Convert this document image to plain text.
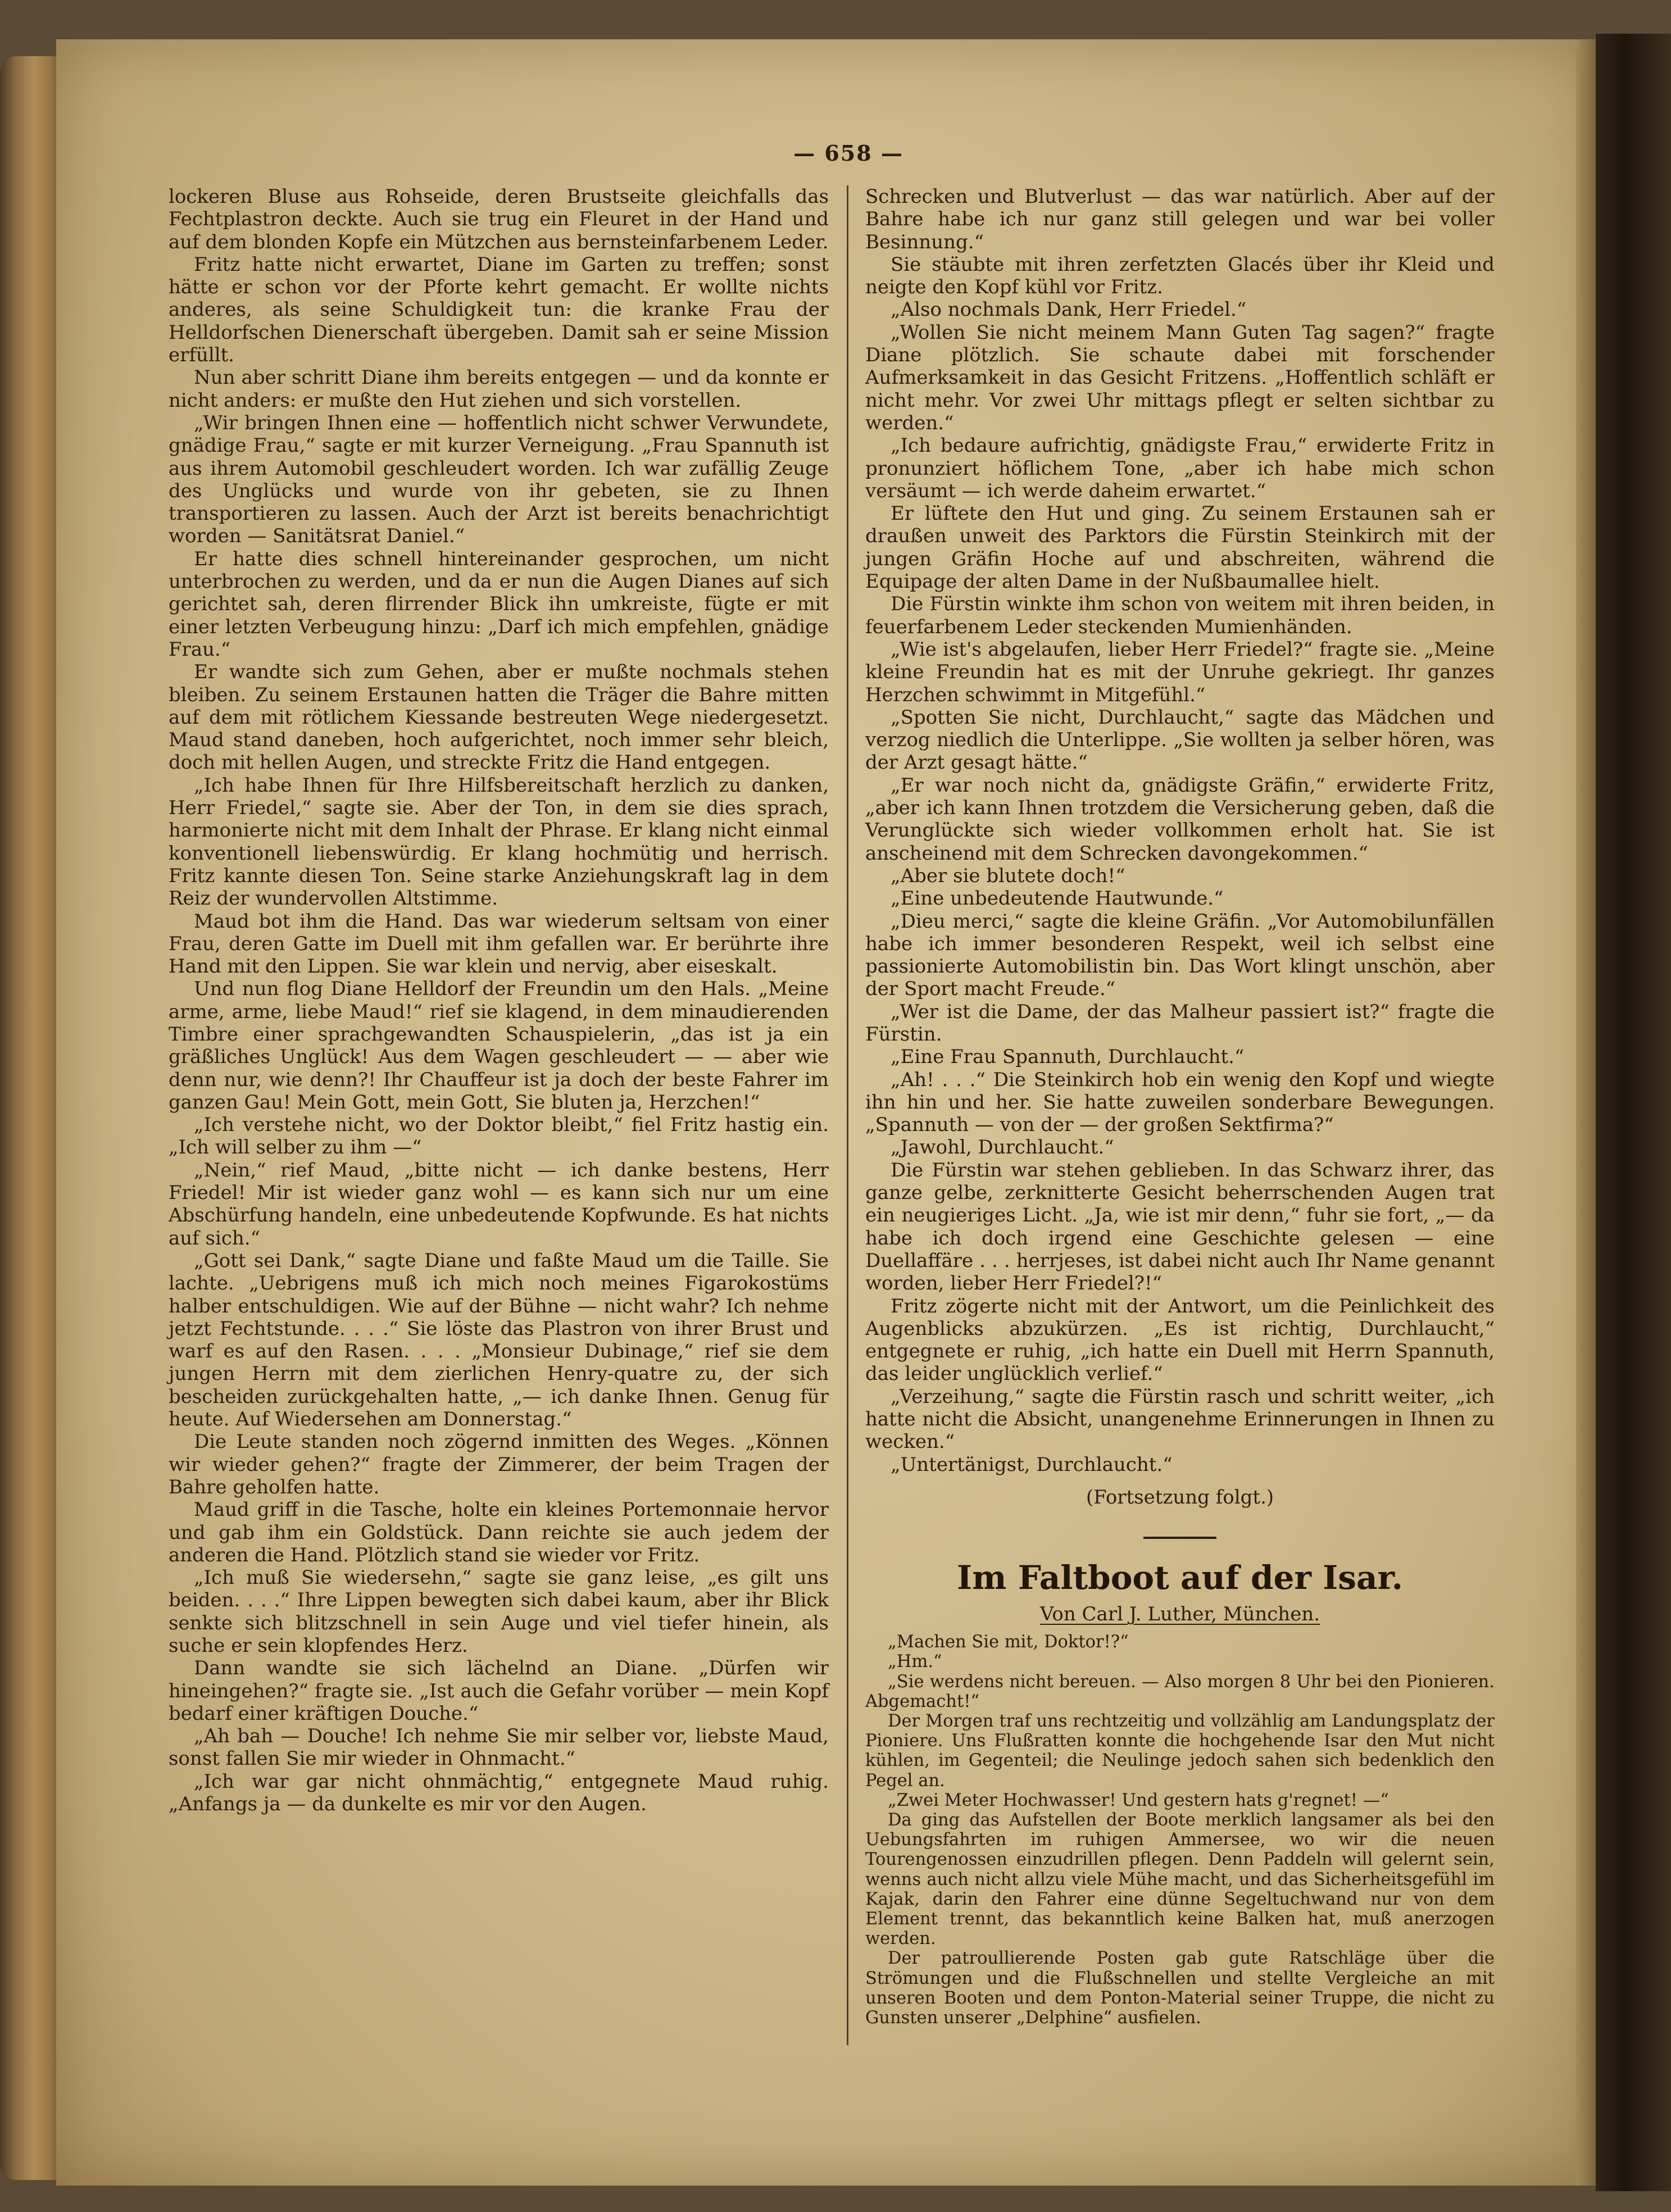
— 658 —

lockeren Bluse aus Rohseide, deren Brustseite gleichfalls das Fechtplastron deckte. Auch sie trug ein Fleuret in der Hand und auf dem blonden Kopfe ein Mützchen aus bernsteinfarbenem Leder.

Fritz hatte nicht erwartet, Diane im Garten zu treffen; sonst hätte er schon vor der Pforte kehrt gemacht. Er wollte nichts anderes, als seine Schuldigkeit tun: die kranke Frau der Helldorfschen Dienerschaft übergeben. Damit sah er seine Mission erfüllt.

Nun aber schritt Diane ihm bereits entgegen — und da konnte er nicht anders: er mußte den Hut ziehen und sich vorstellen.

„Wir bringen Ihnen eine — hoffentlich nicht schwer Verwundete, gnädige Frau,“ sagte er mit kurzer Verneigung. „Frau Spannuth ist aus ihrem Automobil geschleudert worden. Ich war zufällig Zeuge des Unglücks und wurde von ihr gebeten, sie zu Ihnen transportieren zu lassen. Auch der Arzt ist bereits benachrichtigt worden — Sanitätsrat Daniel.“

Er hatte dies schnell hintereinander gesprochen, um nicht unterbrochen zu werden, und da er nun die Augen Dianes auf sich gerichtet sah, deren flirrender Blick ihn umkreiste, fügte er mit einer letzten Verbeugung hinzu: „Darf ich mich empfehlen, gnädige Frau.“

Er wandte sich zum Gehen, aber er mußte nochmals stehen bleiben. Zu seinem Erstaunen hatten die Träger die Bahre mitten auf dem mit rötlichem Kiessande bestreuten Wege niedergesetzt. Maud stand daneben, hoch aufgerichtet, noch immer sehr bleich, doch mit hellen Augen, und streckte Fritz die Hand entgegen.

„Ich habe Ihnen für Ihre Hilfsbereitschaft herzlich zu danken, Herr Friedel,“ sagte sie. Aber der Ton, in dem sie dies sprach, harmonierte nicht mit dem Inhalt der Phrase. Er klang nicht einmal konventionell liebenswürdig. Er klang hochmütig und herrisch. Fritz kannte diesen Ton. Seine starke Anziehungskraft lag in dem Reiz der wundervollen Altstimme.

Maud bot ihm die Hand. Das war wiederum seltsam von einer Frau, deren Gatte im Duell mit ihm gefallen war. Er berührte ihre Hand mit den Lippen. Sie war klein und nervig, aber eiseskalt.

Und nun flog Diane Helldorf der Freundin um den Hals. „Meine arme, arme, liebe Maud!“ rief sie klagend, in dem minaudierenden Timbre einer sprachgewandten Schauspielerin, „das ist ja ein gräßliches Unglück! Aus dem Wagen geschleudert — — aber wie denn nur, wie denn?! Ihr Chauffeur ist ja doch der beste Fahrer im ganzen Gau! Mein Gott, mein Gott, Sie bluten ja, Herzchen!“

„Ich verstehe nicht, wo der Doktor bleibt,“ fiel Fritz hastig ein. „Ich will selber zu ihm —“

„Nein,“ rief Maud, „bitte nicht — ich danke bestens, Herr Friedel! Mir ist wieder ganz wohl — es kann sich nur um eine Abschürfung handeln, eine unbedeutende Kopfwunde. Es hat nichts auf sich.“

„Gott sei Dank,“ sagte Diane und faßte Maud um die Taille. Sie lachte. „Uebrigens muß ich mich noch meines Figarokostüms halber entschuldigen. Wie auf der Bühne — nicht wahr? Ich nehme jetzt Fechtstunde. . . .“ Sie löste das Plastron von ihrer Brust und warf es auf den Rasen. . . . „Monsieur Dubinage,“ rief sie dem jungen Herrn mit dem zierlichen Henry-quatre zu, der sich bescheiden zurückgehalten hatte, „— ich danke Ihnen. Genug für heute. Auf Wiedersehen am Donnerstag.“

Die Leute standen noch zögernd inmitten des Weges. „Können wir wieder gehen?“ fragte der Zimmerer, der beim Tragen der Bahre geholfen hatte.

Maud griff in die Tasche, holte ein kleines Portemonnaie hervor und gab ihm ein Goldstück. Dann reichte sie auch jedem der anderen die Hand. Plötzlich stand sie wieder vor Fritz.

„Ich muß Sie wiedersehn,“ sagte sie ganz leise, „es gilt uns beiden. . . .“ Ihre Lippen bewegten sich dabei kaum, aber ihr Blick senkte sich blitzschnell in sein Auge und viel tiefer hinein, als suche er sein klopfendes Herz.

Dann wandte sie sich lächelnd an Diane. „Dürfen wir hineingehen?“ fragte sie. „Ist auch die Gefahr vorüber — mein Kopf bedarf einer kräftigen Douche.“

„Ah bah — Douche! Ich nehme Sie mir selber vor, liebste Maud, sonst fallen Sie mir wieder in Ohnmacht.“

„Ich war gar nicht ohnmächtig,“ entgegnete Maud ruhig. „Anfangs ja — da dunkelte es mir vor den Augen.

Schrecken und Blutverlust — das war natürlich. Aber auf der Bahre habe ich nur ganz still gelegen und war bei voller Besinnung.“

Sie stäubte mit ihren zerfetzten Glacés über ihr Kleid und neigte den Kopf kühl vor Fritz.

„Also nochmals Dank, Herr Friedel.“

„Wollen Sie nicht meinem Mann Guten Tag sagen?“ fragte Diane plötzlich. Sie schaute dabei mit forschender Aufmerksamkeit in das Gesicht Fritzens. „Hoffentlich schläft er nicht mehr. Vor zwei Uhr mittags pflegt er selten sichtbar zu werden.“

„Ich bedaure aufrichtig, gnädigste Frau,“ erwiderte Fritz in pronunziert höflichem Tone, „aber ich habe mich schon versäumt — ich werde daheim erwartet.“

Er lüftete den Hut und ging. Zu seinem Erstaunen sah er draußen unweit des Parktors die Fürstin Steinkirch mit der jungen Gräfin Hoche auf und abschreiten, während die Equipage der alten Dame in der Nußbaumallee hielt.

Die Fürstin winkte ihm schon von weitem mit ihren beiden, in feuerfarbenem Leder steckenden Mumienhänden.

„Wie ist's abgelaufen, lieber Herr Friedel?“ fragte sie. „Meine kleine Freundin hat es mit der Unruhe gekriegt. Ihr ganzes Herzchen schwimmt in Mitgefühl.“

„Spotten Sie nicht, Durchlaucht,“ sagte das Mädchen und verzog niedlich die Unterlippe. „Sie wollten ja selber hören, was der Arzt gesagt hätte.“

„Er war noch nicht da, gnädigste Gräfin,“ erwiderte Fritz, „aber ich kann Ihnen trotzdem die Versicherung geben, daß die Verunglückte sich wieder vollkommen erholt hat. Sie ist anscheinend mit dem Schrecken davongekommen.“

„Aber sie blutete doch!“

„Eine unbedeutende Hautwunde.“

„Dieu merci,“ sagte die kleine Gräfin. „Vor Automobilunfällen habe ich immer besonderen Respekt, weil ich selbst eine passionierte Automobilistin bin. Das Wort klingt unschön, aber der Sport macht Freude.“

„Wer ist die Dame, der das Malheur passiert ist?“ fragte die Fürstin.

„Eine Frau Spannuth, Durchlaucht.“

„Ah! . . .“ Die Steinkirch hob ein wenig den Kopf und wiegte ihn hin und her. Sie hatte zuweilen sonderbare Bewegungen. „Spannuth — von der — der großen Sektfirma?“

„Jawohl, Durchlaucht.“

Die Fürstin war stehen geblieben. In das Schwarz ihrer, das ganze gelbe, zerknitterte Gesicht beherrschenden Augen trat ein neugieriges Licht. „Ja, wie ist mir denn,“ fuhr sie fort, „— da habe ich doch irgend eine Geschichte gelesen — eine Duellaffäre . . . herrjeses, ist dabei nicht auch Ihr Name genannt worden, lieber Herr Friedel?!“

Fritz zögerte nicht mit der Antwort, um die Peinlichkeit des Augenblicks abzukürzen. „Es ist richtig, Durchlaucht,“ entgegnete er ruhig, „ich hatte ein Duell mit Herrn Spannuth, das leider unglücklich verlief.“

„Verzeihung,“ sagte die Fürstin rasch und schritt weiter, „ich hatte nicht die Absicht, unangenehme Erinnerungen in Ihnen zu wecken.“

„Untertänigst, Durchlaucht.“

(Fortsetzung folgt.)

Im Faltboot auf der Isar.
Von Carl J. Luther, München.

„Machen Sie mit, Doktor!?“

„Hm.“

„Sie werdens nicht bereuen. — Also morgen 8 Uhr bei den Pionieren. Abgemacht!“

Der Morgen traf uns rechtzeitig und vollzählig am Landungsplatz der Pioniere. Uns Flußratten konnte die hochgehende Isar den Mut nicht kühlen, im Gegenteil; die Neulinge jedoch sahen sich bedenklich den Pegel an.

„Zwei Meter Hochwasser! Und gestern hats g'regnet! —“

Da ging das Aufstellen der Boote merklich langsamer als bei den Uebungsfahrten im ruhigen Ammersee, wo wir die neuen Tourengenossen einzudrillen pflegen. Denn Paddeln will gelernt sein, wenns auch nicht allzu viele Mühe macht, und das Sicherheitsgefühl im Kajak, darin den Fahrer eine dünne Segeltuchwand nur von dem Element trennt, das bekanntlich keine Balken hat, muß anerzogen werden.

Der patroullierende Posten gab gute Ratschläge über die Strömungen und die Flußschnellen und stellte Vergleiche an mit unseren Booten und dem Ponton-Material seiner Truppe, die nicht zu Gunsten unserer „Delphine“ ausfielen.
